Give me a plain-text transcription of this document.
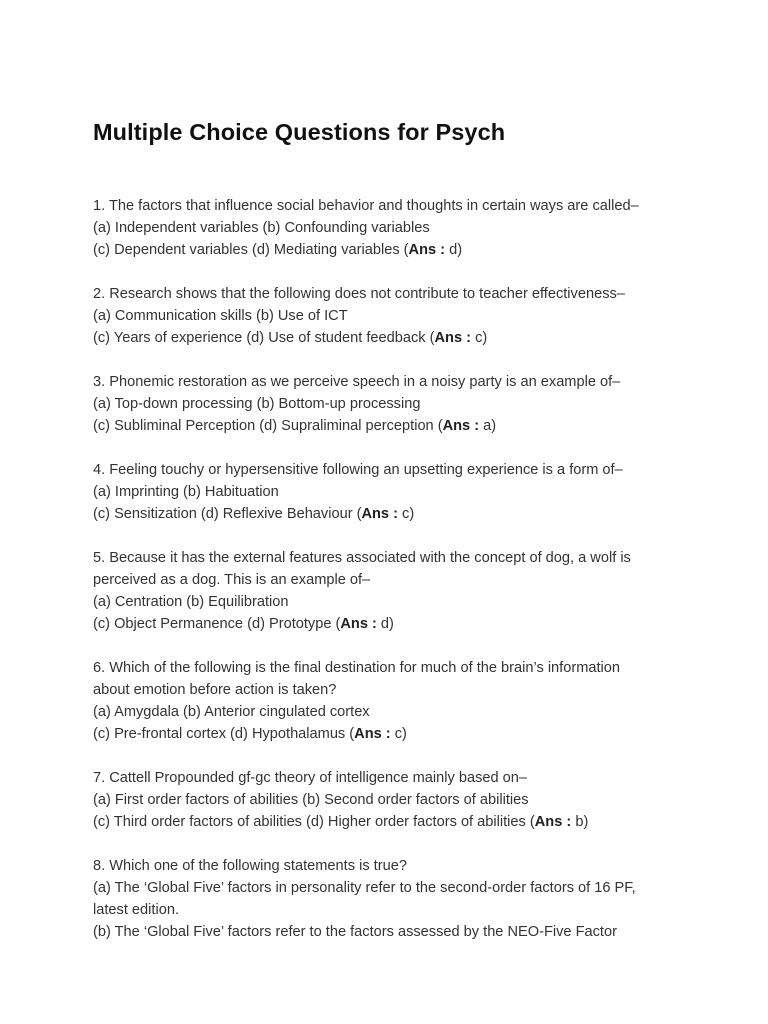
Multiple Choice Questions for Psych
1. The factors that influence social behavior and thoughts in certain ways are called–
(a) Independent variables (b) Confounding variables
(c) Dependent variables (d) Mediating variables (Ans : d)
2. Research shows that the following does not contribute to teacher effectiveness–
(a) Communication skills (b) Use of ICT
(c) Years of experience (d) Use of student feedback (Ans : c)
3. Phonemic restoration as we perceive speech in a noisy party is an example of–
(a) Top-down processing (b) Bottom-up processing
(c) Subliminal Perception (d) Supraliminal perception (Ans : a)
4. Feeling touchy or hypersensitive following an upsetting experience is a form of–
(a) Imprinting (b) Habituation
(c) Sensitization (d) Reflexive Behaviour (Ans : c)
5. Because it has the external features associated with the concept of dog, a wolf is
perceived as a dog. This is an example of–
(a) Centration (b) Equilibration
(c) Object Permanence (d) Prototype (Ans : d)
6. Which of the following is the final destination for much of the brain’s information
about emotion before action is taken?
(a) Amygdala (b) Anterior cingulated cortex
(c) Pre-frontal cortex (d) Hypothalamus (Ans : c)
7. Cattell Propounded gf-gc theory of intelligence mainly based on–
(a) First order factors of abilities (b) Second order factors of abilities
(c) Third order factors of abilities (d) Higher order factors of abilities (Ans : b)
8. Which one of the following statements is true?
(a) The ‘Global Five’ factors in personality refer to the second-order factors of 16 PF,
latest edition.
(b) The ‘Global Five’ factors refer to the factors assessed by the NEO-Five Factor
